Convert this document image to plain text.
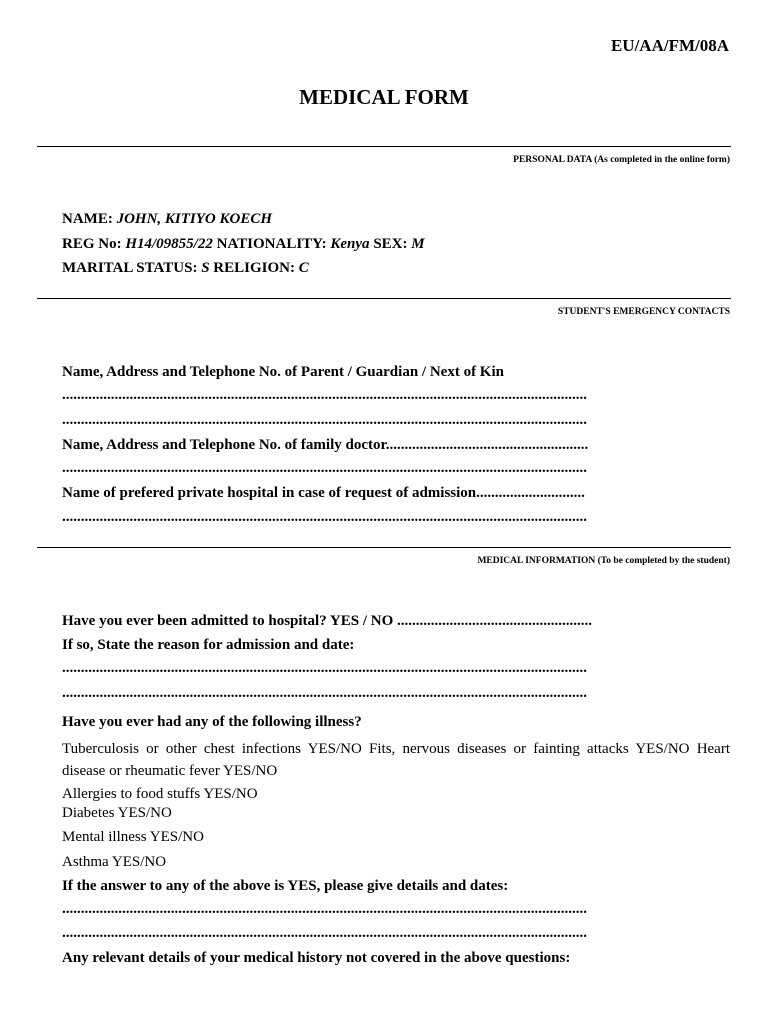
EU/AA/FM/08A
MEDICAL FORM
PERSONAL DATA (As completed in the online form)
NAME: JOHN, KITIYO KOECH
REG No: H14/09855/22 NATIONALITY: Kenya SEX: M
MARITAL STATUS: S RELIGION: C
STUDENT'S EMERGENCY CONTACTS
Name, Address and Telephone No. of Parent / Guardian / Next of Kin
............................................................................................................................................
............................................................................................................................................
Name, Address and Telephone No. of family doctor......................................................
............................................................................................................................................
Name of prefered private hospital in case of request of admission.............................
............................................................................................................................................
MEDICAL INFORMATION (To be completed by the student)
Have you ever been admitted to hospital? YES / NO ....................................................
If so, State the reason for admission and date:
............................................................................................................................................
............................................................................................................................................
Have you ever had any of the following illness?
Tuberculosis or other chest infections YES/NO Fits, nervous diseases or fainting attacks YES/NO Heart disease or rheumatic fever YES/NO
Allergies to food stuffs YES/NO
Diabetes YES/NO
Mental illness YES/NO
Asthma YES/NO
If the answer to any of the above is YES, please give details and dates:
............................................................................................................................................
............................................................................................................................................
Any relevant details of your medical history not covered in the above questions:
